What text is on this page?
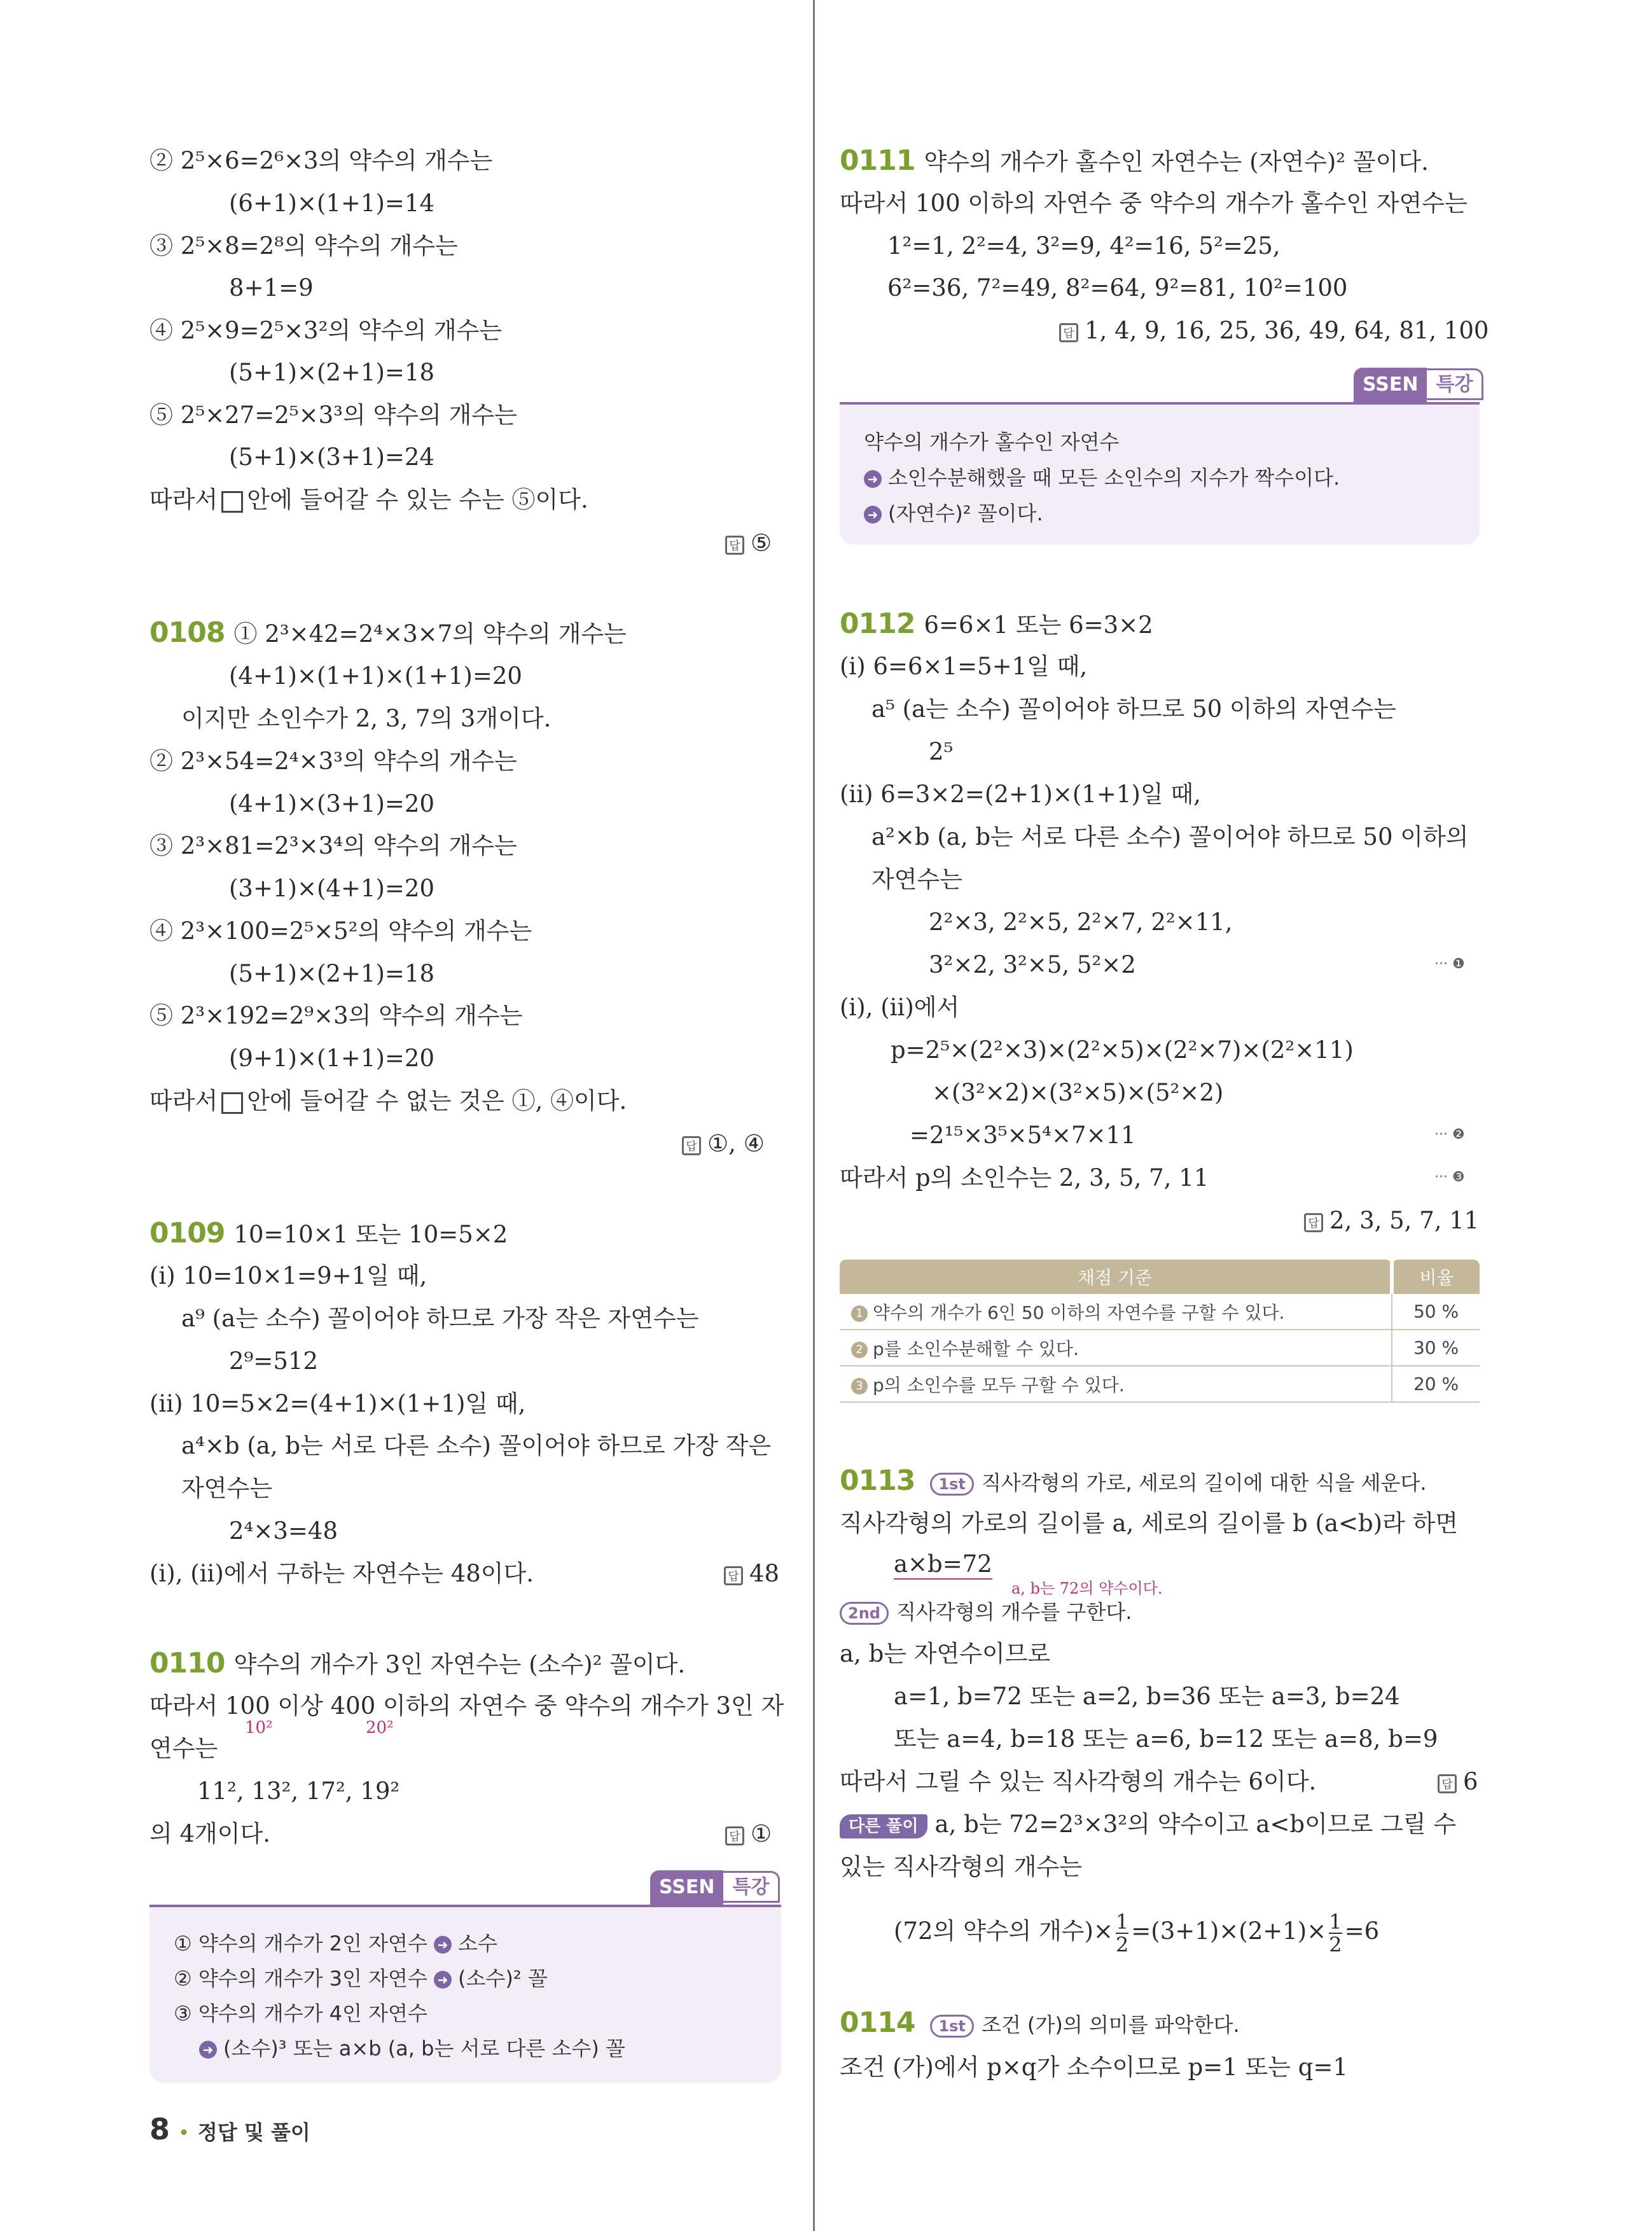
② 2⁵×6=2⁶×3의 약수의 개수는
(6+1)×(1+1)=14
③ 2⁵×8=2⁸의 약수의 개수는
8+1=9
④ 2⁵×9=2⁵×3²의 약수의 개수는
(5+1)×(2+1)=18
⑤ 2⁵×27=2⁵×3³의 약수의 개수는
(5+1)×(3+1)=24
따라서 안에 들어갈 수 있는 수는 ⑤이다.
답 ⑤
0108 ① 2³×42=2⁴×3×7의 약수의 개수는
(4+1)×(1+1)×(1+1)=20
이지만 소인수가 2, 3, 7의 3개이다.
② 2³×54=2⁴×3³의 약수의 개수는
(4+1)×(3+1)=20
③ 2³×81=2³×3⁴의 약수의 개수는
(3+1)×(4+1)=20
④ 2³×100=2⁵×5²의 약수의 개수는
(5+1)×(2+1)=18
⑤ 2³×192=2⁹×3의 약수의 개수는
(9+1)×(1+1)=20
따라서 안에 들어갈 수 없는 것은 ①, ④이다.
답 ①, ④
0109 10=10×1 또는 10=5×2
(i) 10=10×1=9+1일 때,
a⁹ (a는 소수) 꼴이어야 하므로 가장 작은 자연수는
2⁹=512
(ii) 10=5×2=(4+1)×(1+1)일 때,
a⁴×b (a, b는 서로 다른 소수) 꼴이어야 하므로 가장 작은
자연수는
2⁴×3=48
(i), (ii)에서 구하는 자연수는 48이다.	답 48
0110 약수의 개수가 3인 자연수는 (소수)² 꼴이다.
따라서 100 이상 400 이하의 자연수 중 약수의 개수가 3인 자
10²	20²
연수는
11², 13², 17², 19²
의 4개이다.	답 ①
SSEN 특강
① 약수의 개수가 2인 자연수 ➜ 소수
② 약수의 개수가 3인 자연수 ➜ (소수)² 꼴
③ 약수의 개수가 4인 자연수
➜ (소수)³ 또는 a×b (a, b는 서로 다른 소수) 꼴
8 • 정답 및 풀이
0111 약수의 개수가 홀수인 자연수는 (자연수)² 꼴이다.
따라서 100 이하의 자연수 중 약수의 개수가 홀수인 자연수는
1²=1, 2²=4, 3²=9, 4²=16, 5²=25,
6²=36, 7²=49, 8²=64, 9²=81, 10²=100
답 1, 4, 9, 16, 25, 36, 49, 64, 81, 100
SSEN 특강
약수의 개수가 홀수인 자연수
➜ 소인수분해했을 때 모든 소인수의 지수가 짝수이다.
➜ (자연수)² 꼴이다.
0112 6=6×1 또는 6=3×2
(i) 6=6×1=5+1일 때,
a⁵ (a는 소수) 꼴이어야 하므로 50 이하의 자연수는
2⁵
(ii) 6=3×2=(2+1)×(1+1)일 때,
a²×b (a, b는 서로 다른 소수) 꼴이어야 하므로 50 이하의
자연수는
2²×3, 2²×5, 2²×7, 2²×11,
3²×2, 3²×5, 5²×2	··· ❶
(i), (ii)에서
p=2⁵×(2²×3)×(2²×5)×(2²×7)×(2²×11)
×(3²×2)×(3²×5)×(5²×2)
=2¹⁵×3⁵×5⁴×7×11	··· ❷
따라서 p의 소인수는 2, 3, 5, 7, 11	··· ❸
답 2, 3, 5, 7, 11
채점 기준	비율
1 약수의 개수가 6인 50 이하의 자연수를 구할 수 있다.	50 %
2 p를 소인수분해할 수 있다.	30 %
3 p의 소인수를 모두 구할 수 있다.	20 %
0113 1st 직사각형의 가로, 세로의 길이에 대한 식을 세운다.
직사각형의 가로의 길이를 a, 세로의 길이를 b (a<b)라 하면
a×b=72
a, b는 72의 약수이다.
2nd 직사각형의 개수를 구한다.
a, b는 자연수이므로
a=1, b=72 또는 a=2, b=36 또는 a=3, b=24
또는 a=4, b=18 또는 a=6, b=12 또는 a=8, b=9
따라서 그릴 수 있는 직사각형의 개수는 6이다.	답 6
다른 풀이 a, b는 72=2³×3²의 약수이고 a<b이므로 그릴 수
있는 직사각형의 개수는
(72의 약수의 개수)× $\frac{1}{2} =(3+1)\times(2+1)\times \frac{1}{2} =6$
0114 1st 조건 (가)의 의미를 파악한다.
조건 (가)에서 p×q가 소수이므로 p=1 또는 q=1
